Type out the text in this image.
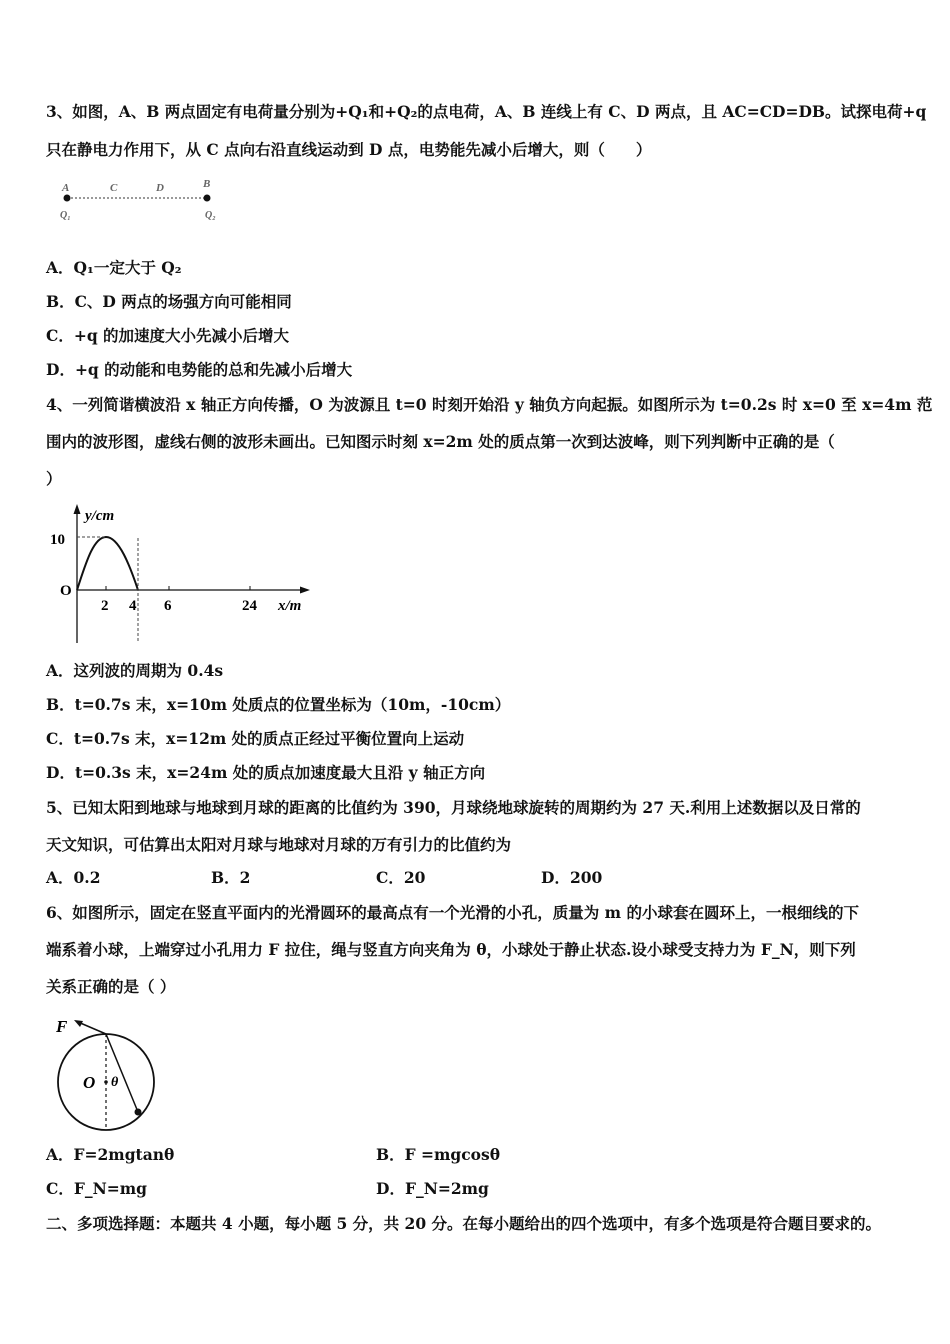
3、如图，A、B 两点固定有电荷量分别为+Q₁和+Q₂的点电荷，A、B 连线上有 C、D 两点，且 AC=CD=DB。试探电荷+q
只在静电力作用下，从 C 点向右沿直线运动到 D 点，电势能先减小后增大，则（　　）
A	C	D	B
Q₁	Q₂
A．Q₁一定大于 Q₂
B．C、D 两点的场强方向可能相同
C．+q 的加速度大小先减小后增大
D．+q 的动能和电势能的总和先减小后增大
4、一列简谐横波沿 x 轴正方向传播，O 为波源且 t=0 时刻开始沿 y 轴负方向起振。如图所示为 t=0.2s 时 x=0 至 x=4m 范
围内的波形图，虚线右侧的波形未画出。已知图示时刻 x=2m 处的质点第一次到达波峰，则下列判断中正确的是（
）
y/cm
10
O
2 4 6	24 x/m
A．这列波的周期为 0.4s
B．t=0.7s 末，x=10m 处质点的位置坐标为（10m，-10cm）
C．t=0.7s 末，x=12m 处的质点正经过平衡位置向上运动
D．t=0.3s 末，x=24m 处的质点加速度最大且沿 y 轴正方向
5、已知太阳到地球与地球到月球的距离的比值约为 390，月球绕地球旋转的周期约为 27 天.利用上述数据以及日常的
天文知识，可估算出太阳对月球与地球对月球的万有引力的比值约为
A．0.2	B．2	C．20	D．200
6、如图所示，固定在竖直平面内的光滑圆环的最高点有一个光滑的小孔，质量为 m 的小球套在圆环上，一根细线的下
端系着小球，上端穿过小孔用力 F 拉住，绳与竖直方向夹角为 θ，小球处于静止状态.设小球受支持力为 F_N，则下列
关系正确的是（ ）
F
O θ
A．F=2mgtanθ	B．F =mgcosθ
C．F_N=mg	D．F_N=2mg
二、多项选择题：本题共 4 小题，每小题 5 分，共 20 分。在每小题给出的四个选项中，有多个选项是符合题目要求的。
